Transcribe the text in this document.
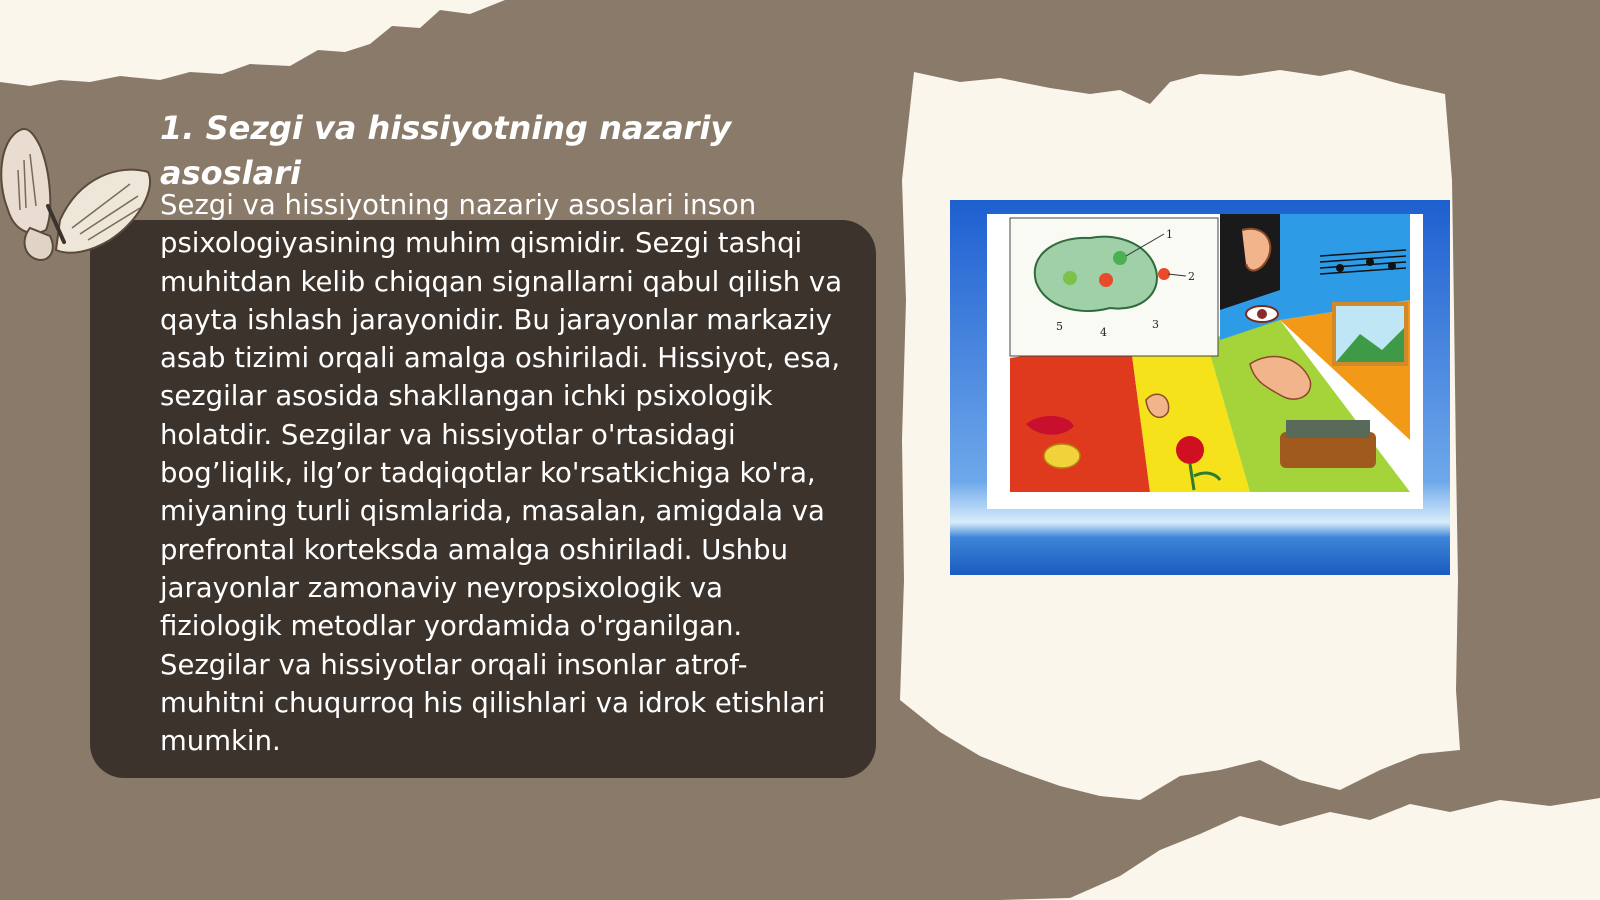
1. Sezgi va hissiyotning nazariy asoslari

Sezgi va hissiyotning nazariy asoslari inson psixologiyasining muhim qismidir. Sezgi tashqi muhitdan kelib chiqqan signallarni qabul qilish va qayta ishlash jarayonidir. Bu jarayonlar markaziy asab tizimi orqali amalga oshiriladi. Hissiyot, esa, sezgilar asosida shakllangan ichki psixologik holatdir. Sezgilar va hissiyotlar o'rtasidagi bog’liqlik, ilg’or tadqiqotlar ko'rsatkichiga ko'ra, miyaning turli qismlarida, masalan, amigdala va prefrontal korteksda amalga oshiriladi. Ushbu jarayonlar zamonaviy neyropsixologik va fiziologik metodlar yordamida o'rganilgan. Sezgilar va hissiyotlar orqali insonlar atrof-muhitni chuqurroq his qilishlari va idrok etishlari mumkin.

1
2
3
4
5
